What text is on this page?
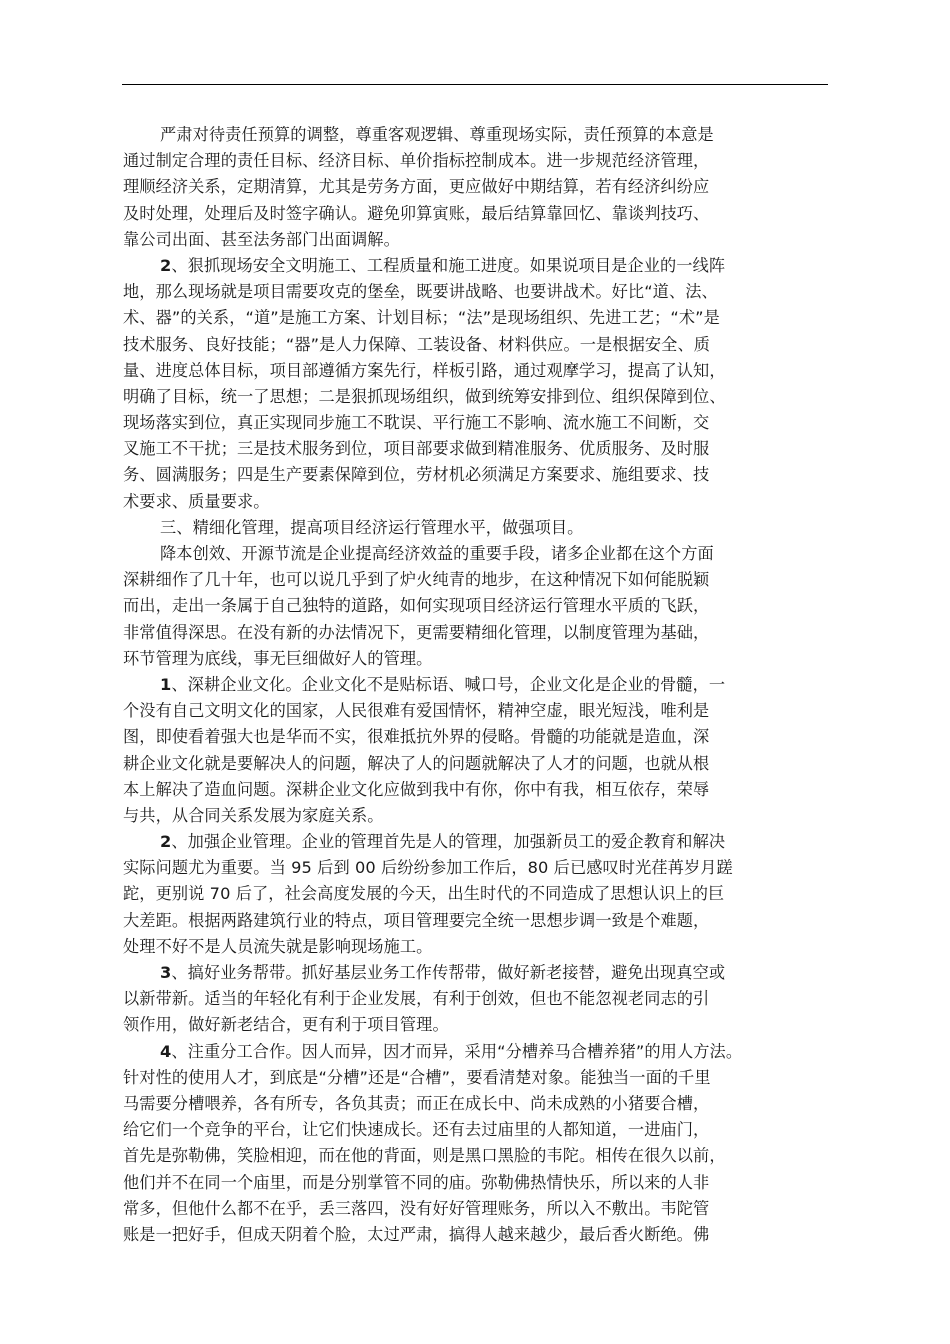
严肃对待责任预算的调整，尊重客观逻辑、尊重现场实际，责任预算的本意是
通过制定合理的责任目标、经济目标、单价指标控制成本。进一步规范经济管理，
理顺经济关系，定期清算，尤其是劳务方面，更应做好中期结算，若有经济纠纷应
及时处理，处理后及时签字确认。避免卯算寅账，最后结算靠回忆、靠谈判技巧、
靠公司出面、甚至法务部门出面调解。
2、狠抓现场安全文明施工、工程质量和施工进度。如果说项目是企业的一线阵
地，那么现场就是项目需要攻克的堡垒，既要讲战略、也要讲战术。好比“道、法、
术、器”的关系，“道”是施工方案、计划目标；“法”是现场组织、先进工艺；“术”是
技术服务、良好技能；“器”是人力保障、工装设备、材料供应。一是根据安全、质
量、进度总体目标，项目部遵循方案先行，样板引路，通过观摩学习，提高了认知，
明确了目标，统一了思想；二是狠抓现场组织，做到统筹安排到位、组织保障到位、
现场落实到位，真正实现同步施工不耽误、平行施工不影响、流水施工不间断，交
叉施工不干扰；三是技术服务到位，项目部要求做到精准服务、优质服务、及时服
务、圆满服务；四是生产要素保障到位，劳材机必须满足方案要求、施组要求、技
术要求、质量要求。
三、精细化管理，提高项目经济运行管理水平，做强项目。
降本创效、开源节流是企业提高经济效益的重要手段，诸多企业都在这个方面
深耕细作了几十年，也可以说几乎到了炉火纯青的地步，在这种情况下如何能脱颖
而出，走出一条属于自己独特的道路，如何实现项目经济运行管理水平质的飞跃，
非常值得深思。在没有新的办法情况下，更需要精细化管理，以制度管理为基础，
环节管理为底线，事无巨细做好人的管理。
1、深耕企业文化。企业文化不是贴标语、喊口号，企业文化是企业的骨髓，一
个没有自己文明文化的国家，人民很难有爱国情怀，精神空虚，眼光短浅，唯利是
图，即使看着强大也是华而不实，很难抵抗外界的侵略。骨髓的功能就是造血，深
耕企业文化就是要解决人的问题，解决了人的问题就解决了人才的问题，也就从根
本上解决了造血问题。深耕企业文化应做到我中有你，你中有我，相互依存，荣辱
与共，从合同关系发展为家庭关系。
2、加强企业管理。企业的管理首先是人的管理，加强新员工的爱企教育和解决
实际问题尤为重要。当 95 后到 00 后纷纷参加工作后，80 后已感叹时光荏苒岁月蹉
跎，更别说 70 后了，社会高度发展的今天，出生时代的不同造成了思想认识上的巨
大差距。根据两路建筑行业的特点，项目管理要完全统一思想步调一致是个难题，
处理不好不是人员流失就是影响现场施工。
3、搞好业务帮带。抓好基层业务工作传帮带，做好新老接替，避免出现真空或
以新带新。适当的年轻化有利于企业发展，有利于创效，但也不能忽视老同志的引
领作用，做好新老结合，更有利于项目管理。
4、注重分工合作。因人而异，因才而异，采用“分槽养马合槽养猪”的用人方法。
针对性的使用人才，到底是“分槽”还是“合槽”，要看清楚对象。能独当一面的千里
马需要分槽喂养，各有所专，各负其责；而正在成长中、尚未成熟的小猪要合槽，
给它们一个竞争的平台，让它们快速成长。还有去过庙里的人都知道，一进庙门，
首先是弥勒佛，笑脸相迎，而在他的背面，则是黑口黑脸的韦陀。相传在很久以前，
他们并不在同一个庙里，而是分别掌管不同的庙。弥勒佛热情快乐，所以来的人非
常多，但他什么都不在乎，丢三落四，没有好好管理账务，所以入不敷出。韦陀管
账是一把好手，但成天阴着个脸，太过严肃，搞得人越来越少，最后香火断绝。佛
